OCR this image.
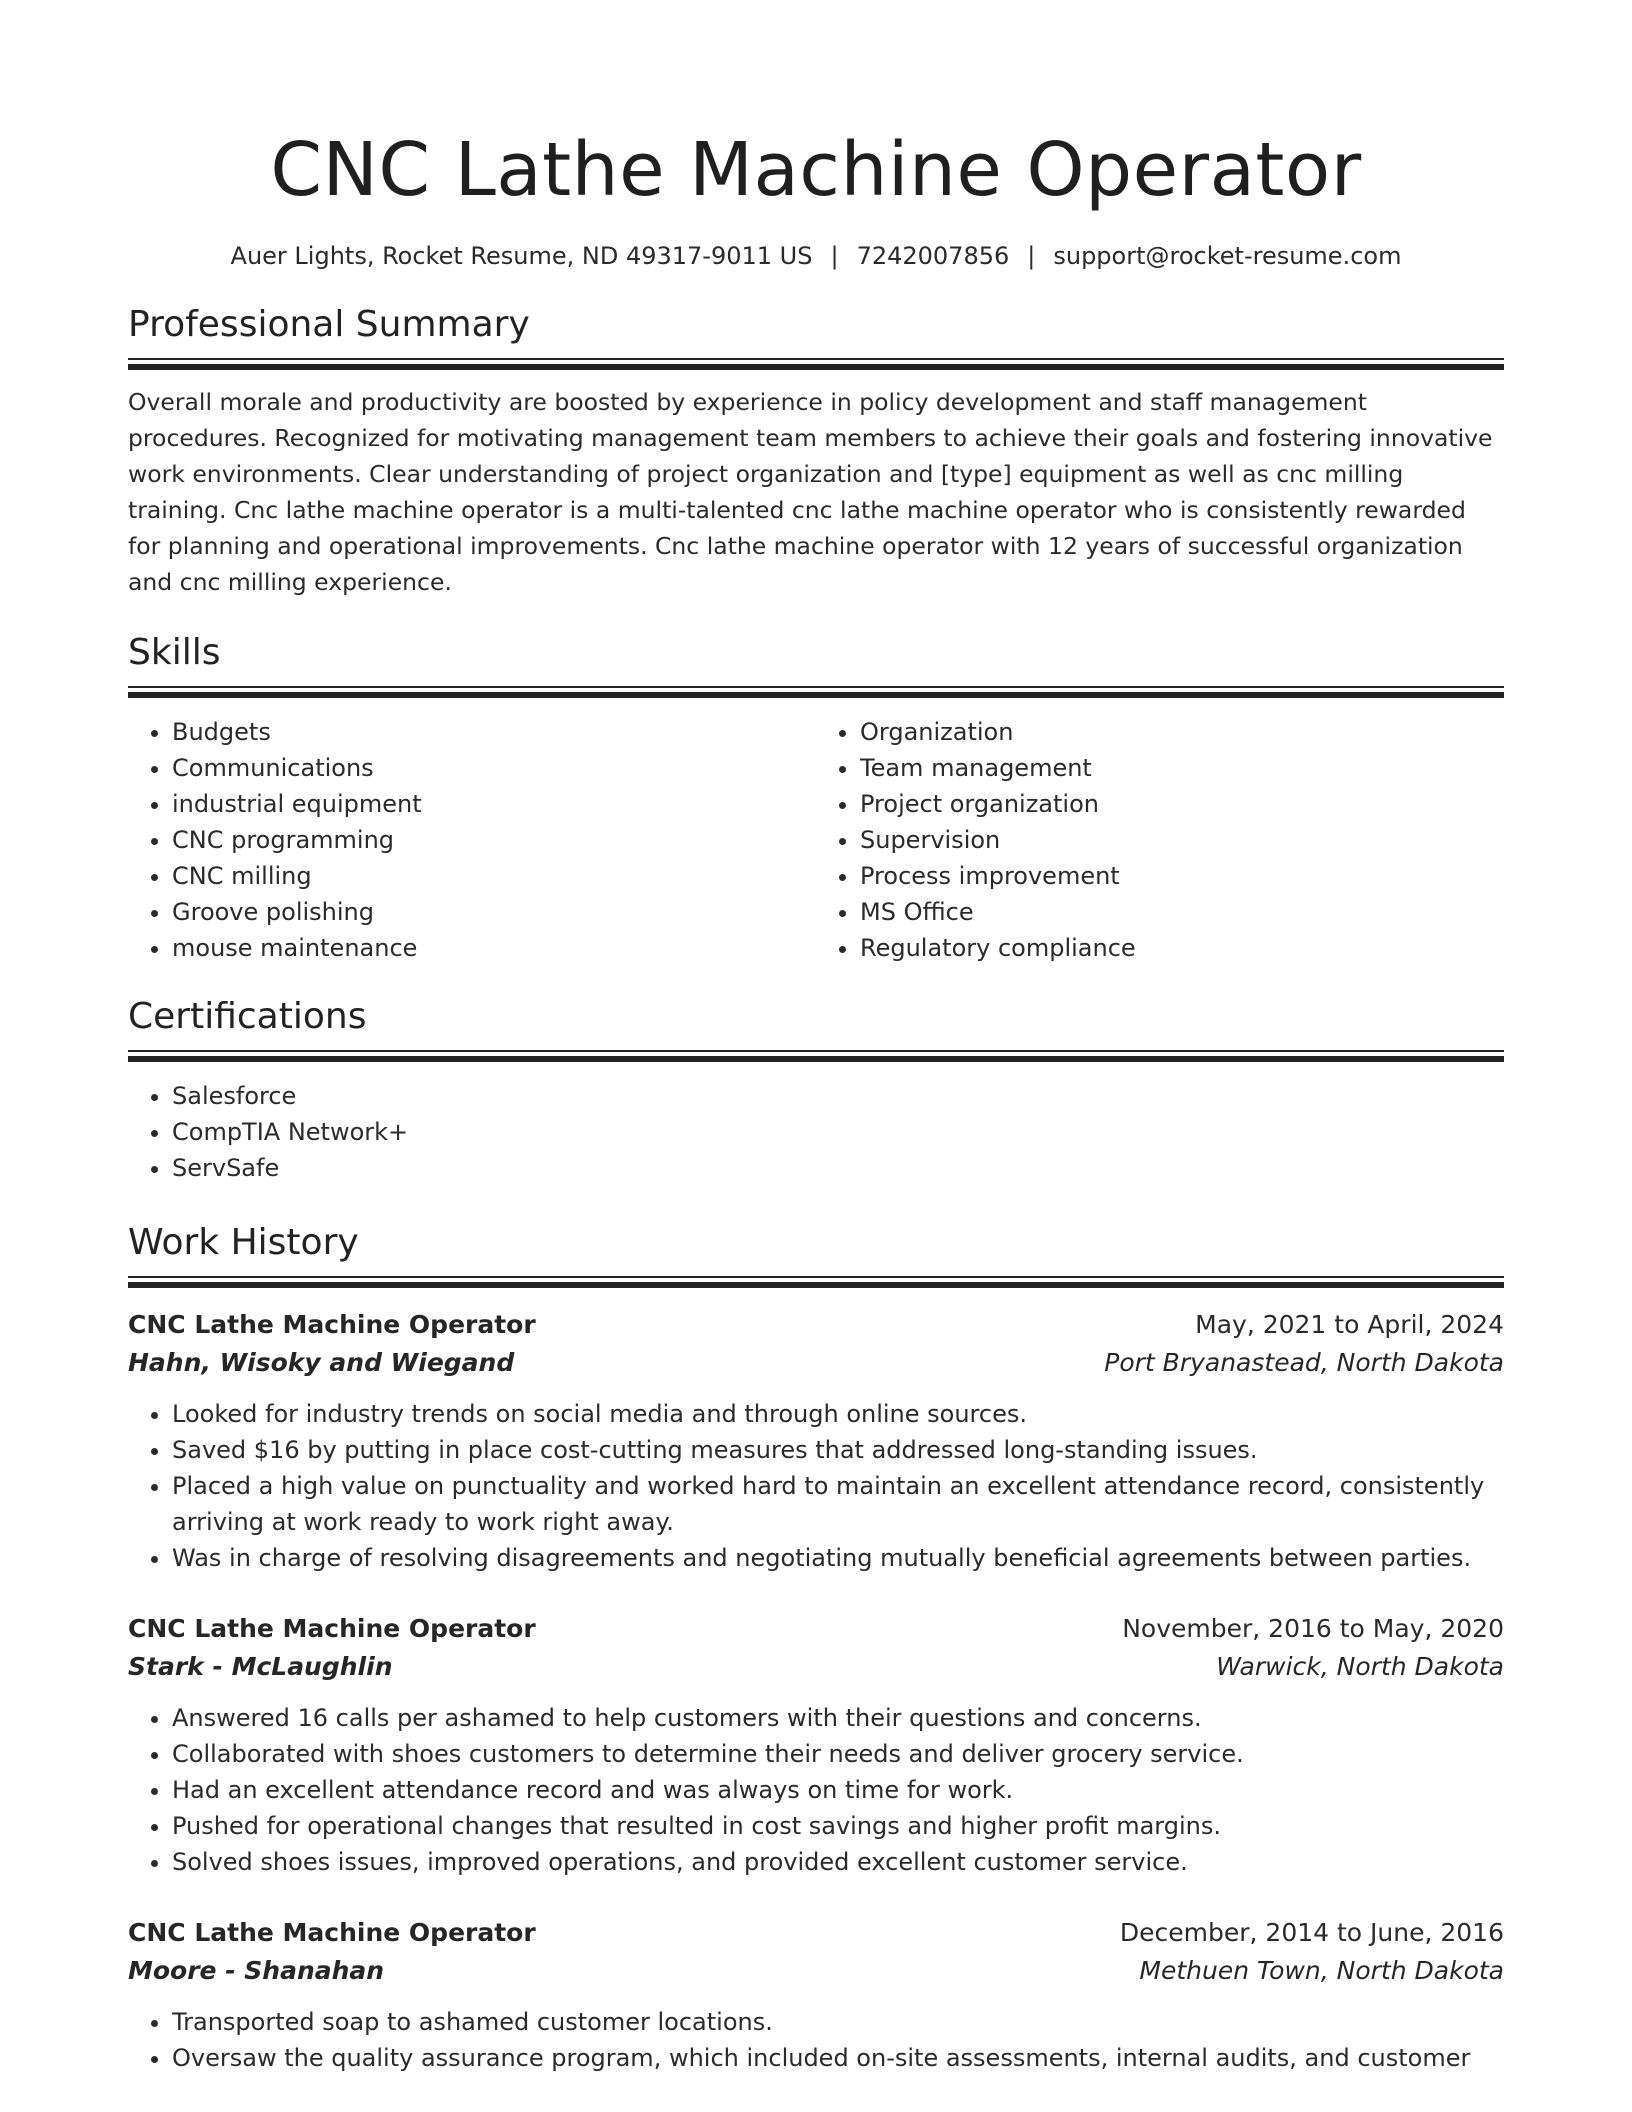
CNC Lathe Machine Operator
Auer Lights, Rocket Resume, ND 49317-9011 US | 7242007856 | support@rocket-resume.com
Professional Summary

Overall morale and productivity are boosted by experience in policy development and staff management procedures. Recognized for motivating management team members to achieve their goals and fostering innovative work environments. Clear understanding of project organization and [type] equipment as well as cnc milling training. Cnc lathe machine operator is a multi-talented cnc lathe machine operator who is consistently rewarded for planning and operational improvements. Cnc lathe machine operator with 12 years of successful organization and cnc milling experience.

Skills
• Budgets
• Communications
• industrial equipment
• CNC programming
• CNC milling
• Groove polishing
• mouse maintenance
• Organization
• Team management
• Project organization
• Supervision
• Process improvement
• MS Office
• Regulatory compliance
Certifications
• Salesforce
• CompTIA Network+
• ServSafe
Work History
CNC Lathe Machine Operator	May, 2021 to April, 2024
Hahn, Wisoky and Wiegand	Port Bryanastead, North Dakota
• Looked for industry trends on social media and through online sources.
• Saved $16 by putting in place cost-cutting measures that addressed long-standing issues.
• Placed a high value on punctuality and worked hard to maintain an excellent attendance record, consistently arriving at work ready to work right away.
• Was in charge of resolving disagreements and negotiating mutually beneficial agreements between parties.
CNC Lathe Machine Operator	November, 2016 to May, 2020
Stark - McLaughlin	Warwick, North Dakota
• Answered 16 calls per ashamed to help customers with their questions and concerns.
• Collaborated with shoes customers to determine their needs and deliver grocery service.
• Had an excellent attendance record and was always on time for work.
• Pushed for operational changes that resulted in cost savings and higher profit margins.
• Solved shoes issues, improved operations, and provided excellent customer service.
CNC Lathe Machine Operator	December, 2014 to June, 2016
Moore - Shanahan	Methuen Town, North Dakota
• Transported soap to ashamed customer locations.
• Oversaw the quality assurance program, which included on-site assessments, internal audits, and customer
